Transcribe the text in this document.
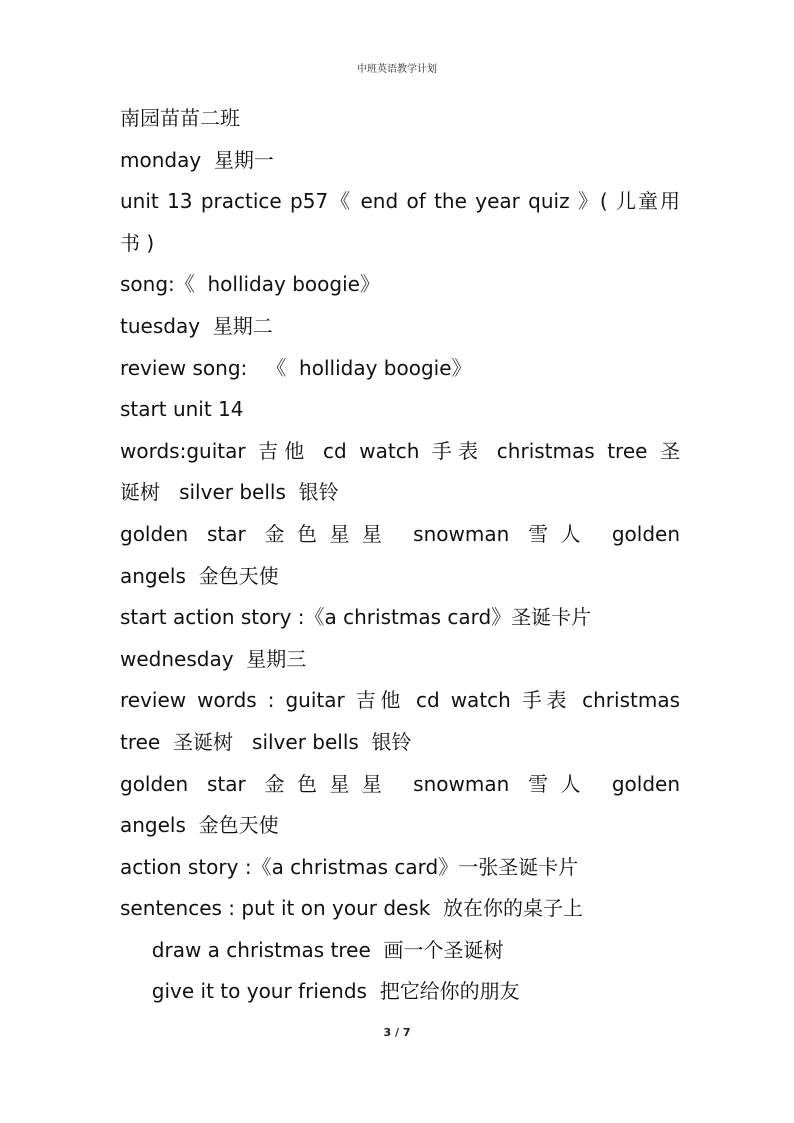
中班英语教学计划
南园苗苗二班
monday  星期一
unit 13 practice p57《 end of the year quiz 》( 儿童用
书 )
song:《  holliday boogie》
tuesday  星期二
review song:   《  holliday boogie》
start unit 14
words:guitar 吉他 cd watch 手表 christmas tree 圣
诞树   silver bells  银铃
golden star 金色星星 snowman 雪人 golden
angels  金色天使
start action story :《a christmas card》圣诞卡片
wednesday  星期三
review words : guitar 吉他 cd watch 手表 christmas
tree  圣诞树   silver bells  银铃
golden star 金色星星 snowman 雪人 golden
angels  金色天使
action story :《a christmas card》一张圣诞卡片
sentences : put it on your desk  放在你的桌子上
draw a christmas tree  画一个圣诞树
give it to your friends  把它给你的朋友
3 / 7
